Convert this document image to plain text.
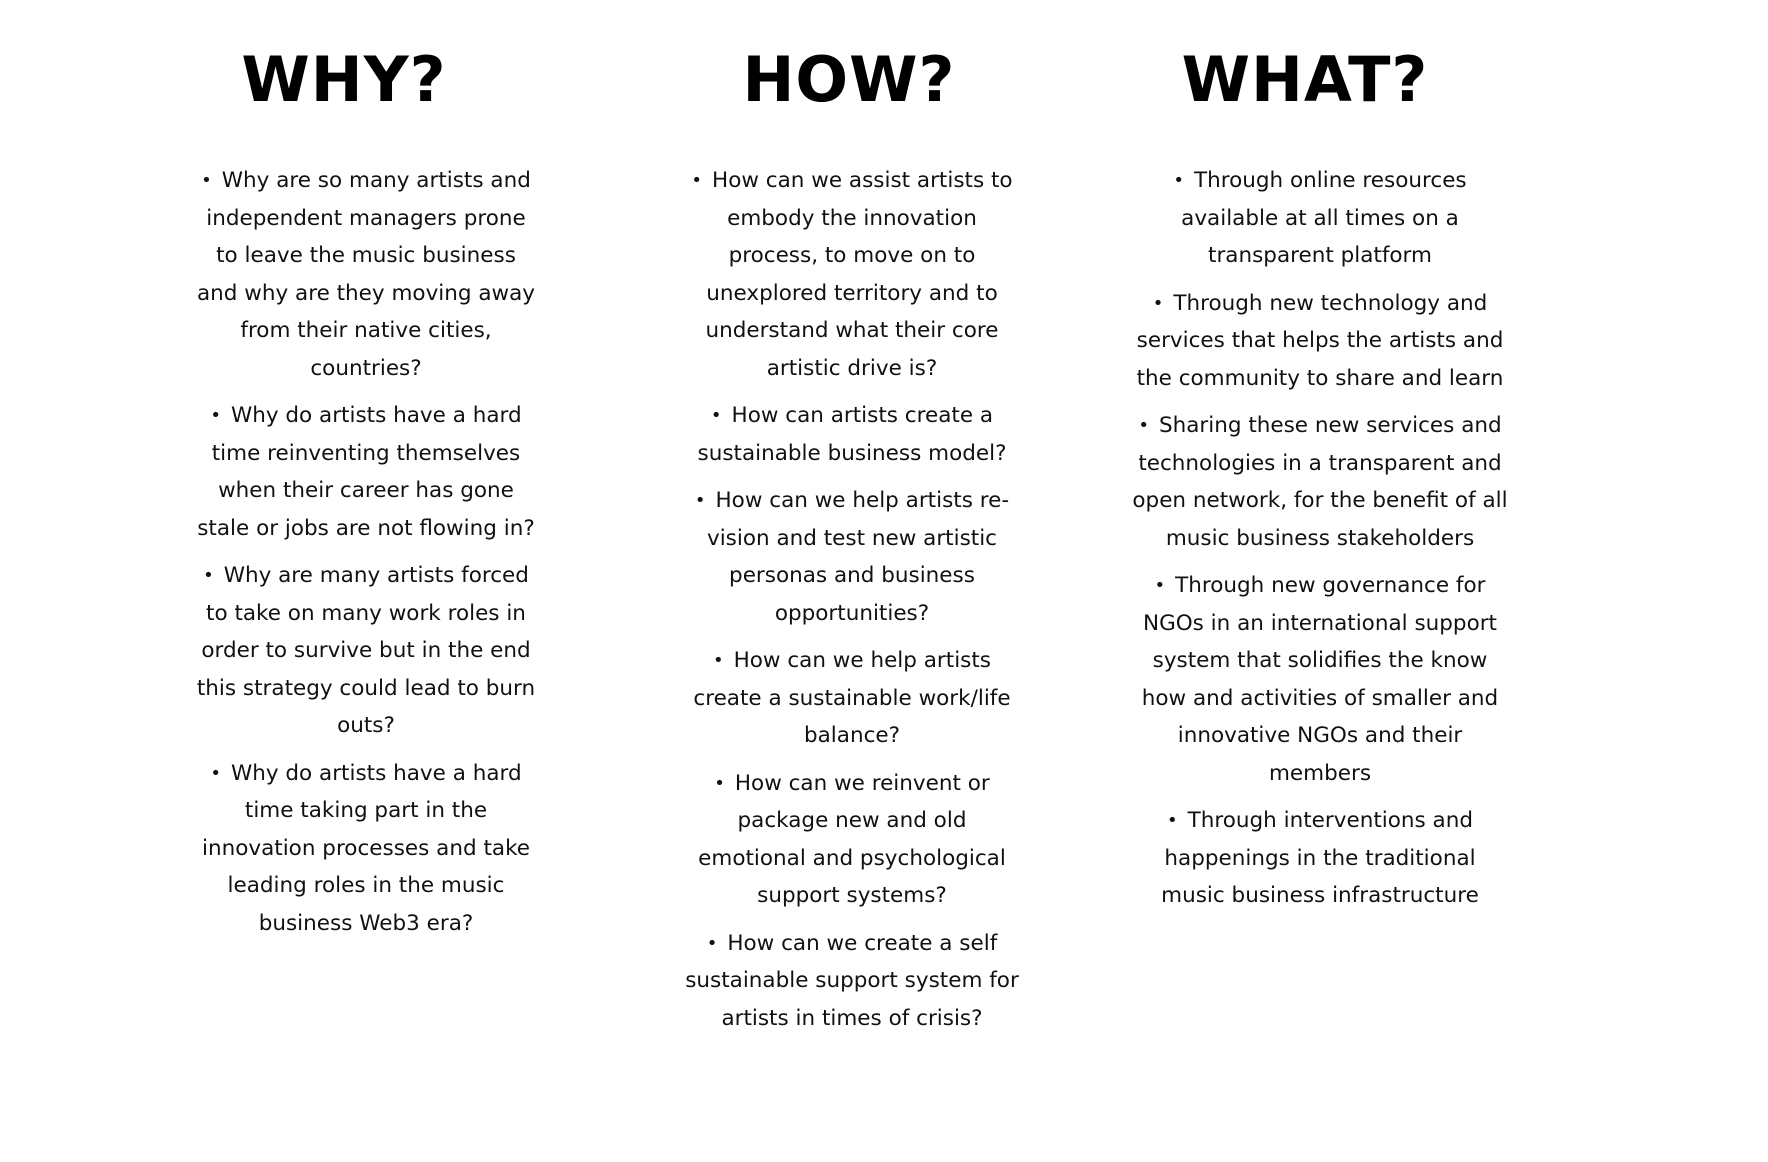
WHY?
• Why are so many artists and independent managers prone to leave the music business and why are they moving away from their native cities, countries?
• Why do artists have a hard time reinventing themselves when their career has gone stale or jobs are not flowing in?
• Why are many artists forced to take on many work roles in order to survive but in the end this strategy could lead to burn outs?
• Why do artists have a hard time taking part in the innovation processes and take leading roles in the music business Web3 era?
HOW?
• How can we assist artists to embody the innovation process, to move on to unexplored territory and to understand what their core artistic drive is?
• How can artists create a sustainable business model?
• How can we help artists re-vision and test new artistic personas and business opportunities?
• How can we help artists create a sustainable work/life balance?
• How can we reinvent or package new and old emotional and psychological support systems?
• How can we create a self sustainable support system for artists in times of crisis?
WHAT?
• Through online resources available at all times on a transparent platform
• Through new technology and services that helps the artists and the community to share and learn
• Sharing these new services and technologies in a transparent and open network, for the benefit of all music business stakeholders
• Through new governance for NGOs in an international support system that solidifies the know how and activities of smaller and innovative NGOs and their members
• Through interventions and happenings in the traditional music business infrastructure
